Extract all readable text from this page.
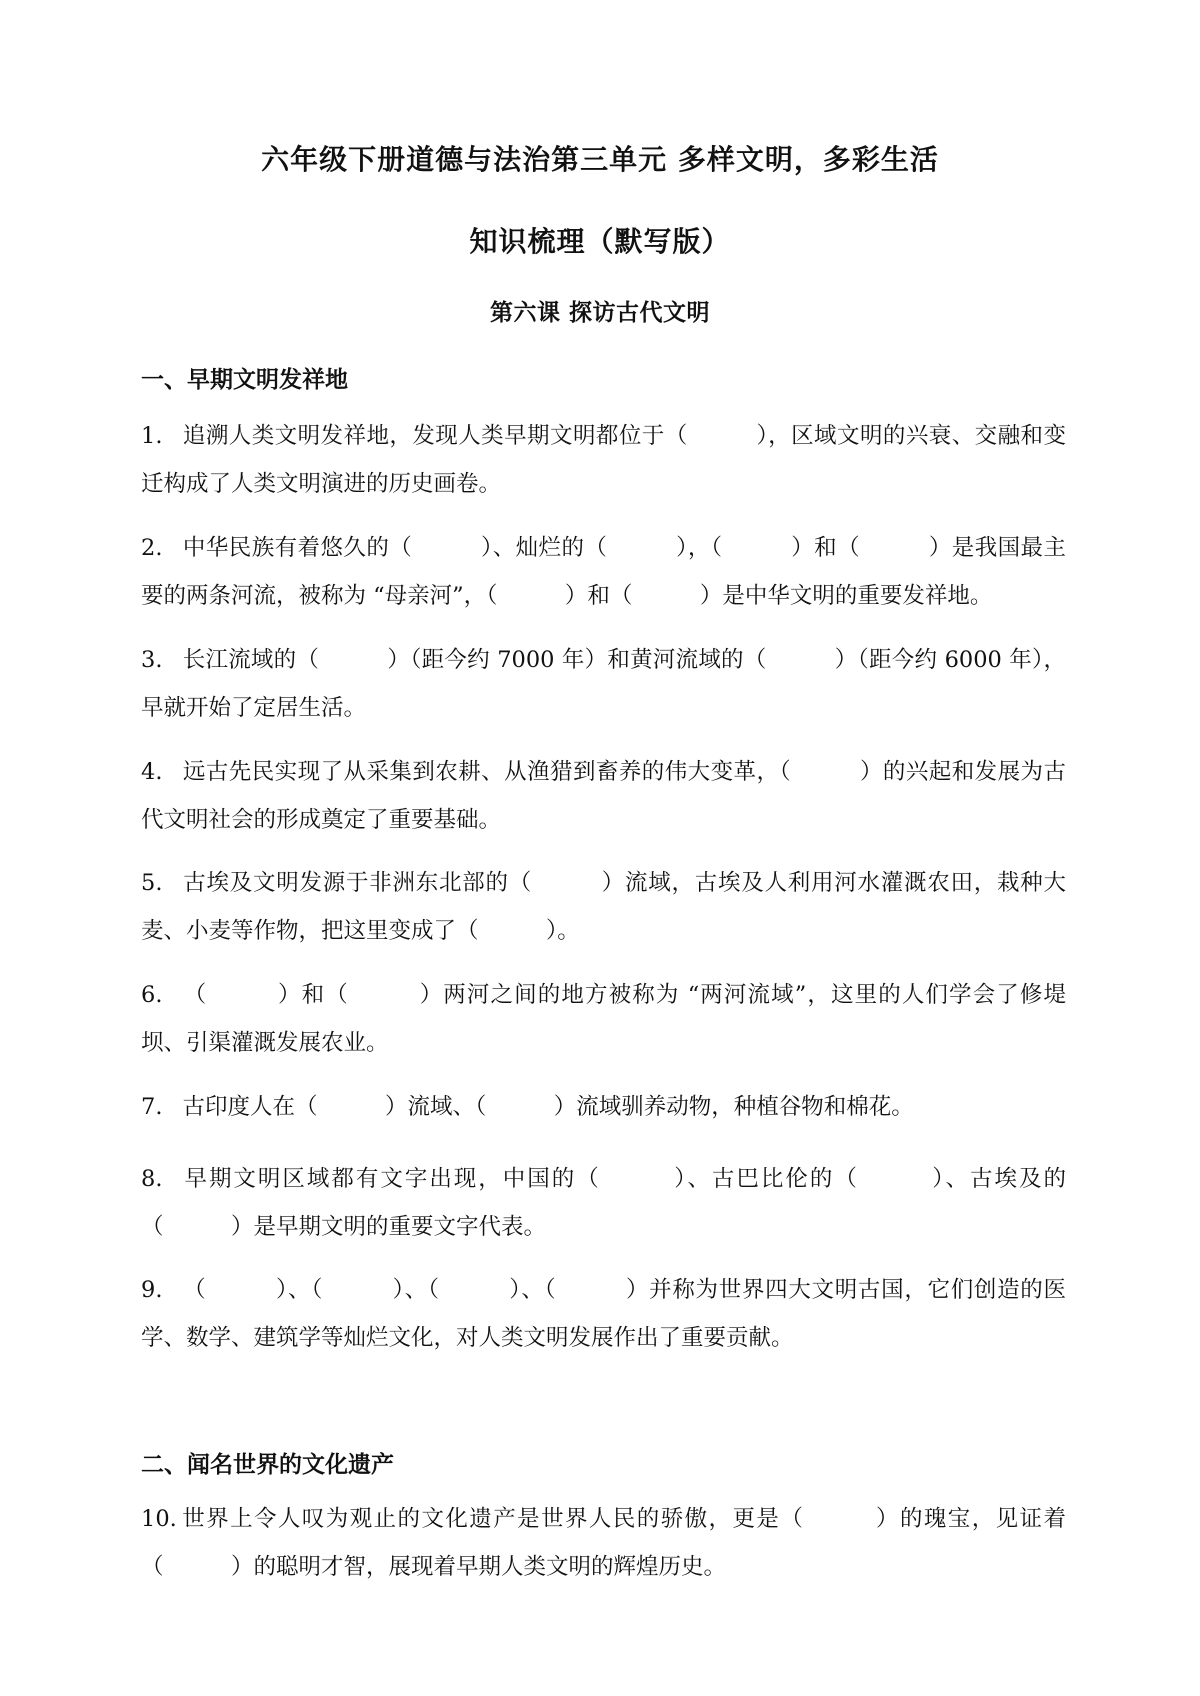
六年级下册道德与法治第三单元 多样文明，多彩生活
知识梳理（默写版）
第六课 探访古代文明
一、早期文明发祥地
1. 追溯人类文明发祥地，发现人类早期文明都位于（　　　），区域文明的兴衰、交融和变迁构成了人类文明演进的历史画卷。
2. 中华民族有着悠久的（　　　）、灿烂的（　　　），（　　　）和（　　　）是我国最主要的两条河流，被称为 “母亲河”，（　　　）和（　　　）是中华文明的重要发祥地。
3. 长江流域的（　　　）（距今约 7000 年）和黄河流域的（　　　）（距今约 6000 年），早就开始了定居生活。
4. 远古先民实现了从采集到农耕、从渔猎到畜养的伟大变革，（　　　）的兴起和发展为古代文明社会的形成奠定了重要基础。
5. 古埃及文明发源于非洲东北部的（　　　）流域，古埃及人利用河水灌溉农田，栽种大麦、小麦等作物，把这里变成了（　　　）。
6. （　　　）和（　　　）两河之间的地方被称为 “两河流域”，这里的人们学会了修堤坝、引渠灌溉发展农业。
7. 古印度人在（　　　）流域、（　　　）流域驯养动物，种植谷物和棉花。
8. 早期文明区域都有文字出现，中国的（　　　）、古巴比伦的（　　　）、古埃及的（　　　）是早期文明的重要文字代表。
9. （　　　）、（　　　）、（　　　）、（　　　）并称为世界四大文明古国，它们创造的医学、数学、建筑学等灿烂文化，对人类文明发展作出了重要贡献。
二、闻名世界的文化遗产
10. 世界上令人叹为观止的文化遗产是世界人民的骄傲，更是（　　　）的瑰宝，见证着（　　　）的聪明才智，展现着早期人类文明的辉煌历史。
